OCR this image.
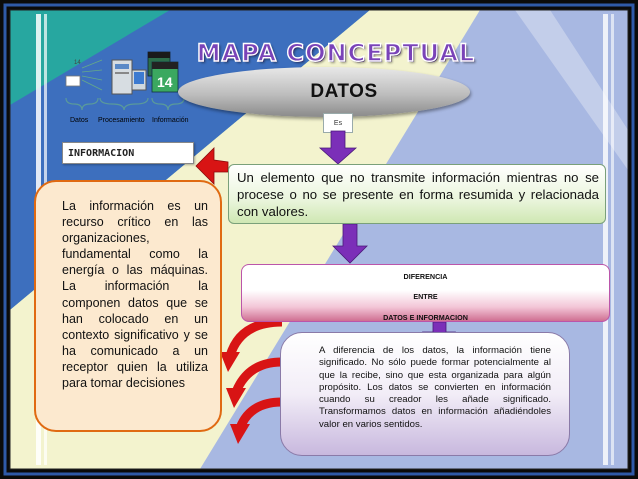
14
14
Datos Procesamiento Información
MAPA CONCEPTUAL
DATOS
Es
INFORMACION
Un elemento que no transmite información mientras no se procese o no se presente en forma resumida y relacionada con valores.
La información es un recurso crítico en las organizaciones, fundamental como la energía o las máquinas. La información la componen datos que se han colocado en un contexto significativo y se ha comunicado a un receptor quien la utiliza para tomar decisiones
DIFERENCIA
ENTRE
DATOS E INFORMACION
A diferencia de los datos, la información tiene significado. No sólo puede formar potencialmente al que la recibe, sino que esta organizada para algún propósito. Los datos se convierten en información cuando su creador les añade significado. Transformamos datos en información añadiéndoles valor en varios sentidos.
